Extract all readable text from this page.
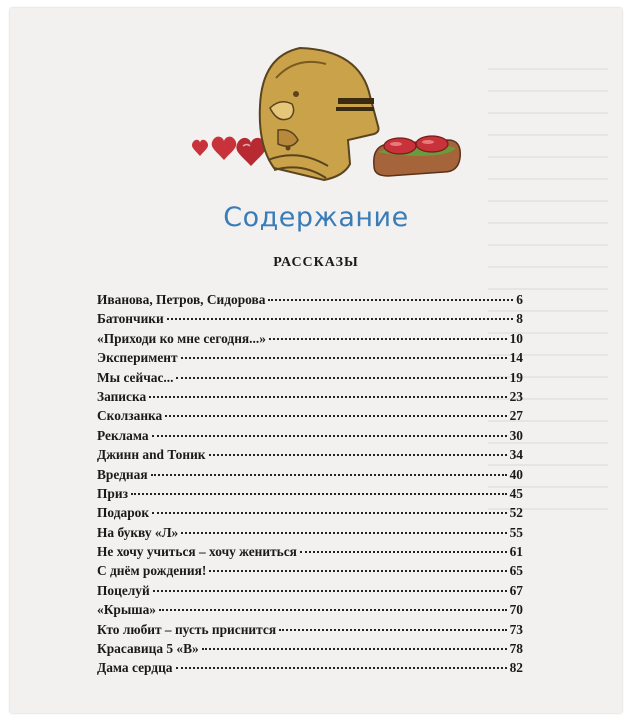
Содержание
РАССКАЗЫ
Иванова, Петров, Сидорова	6
Батончики	8
«Приходи ко мне сегодня...»	10
Эксперимент	14
Мы сейчас...	19
Записка	23
Сколзанка	27
Реклама	30
Джинн and Тоник	34
Вредная	40
Приз	45
Подарок	52
На букву «Л»	55
Не хочу учиться – хочу жениться	61
С днём рождения!	65
Поцелуй	67
«Крыша»	70
Кто любит – пусть приснится	73
Красавица 5 «В»	78
Дама сердца	82
